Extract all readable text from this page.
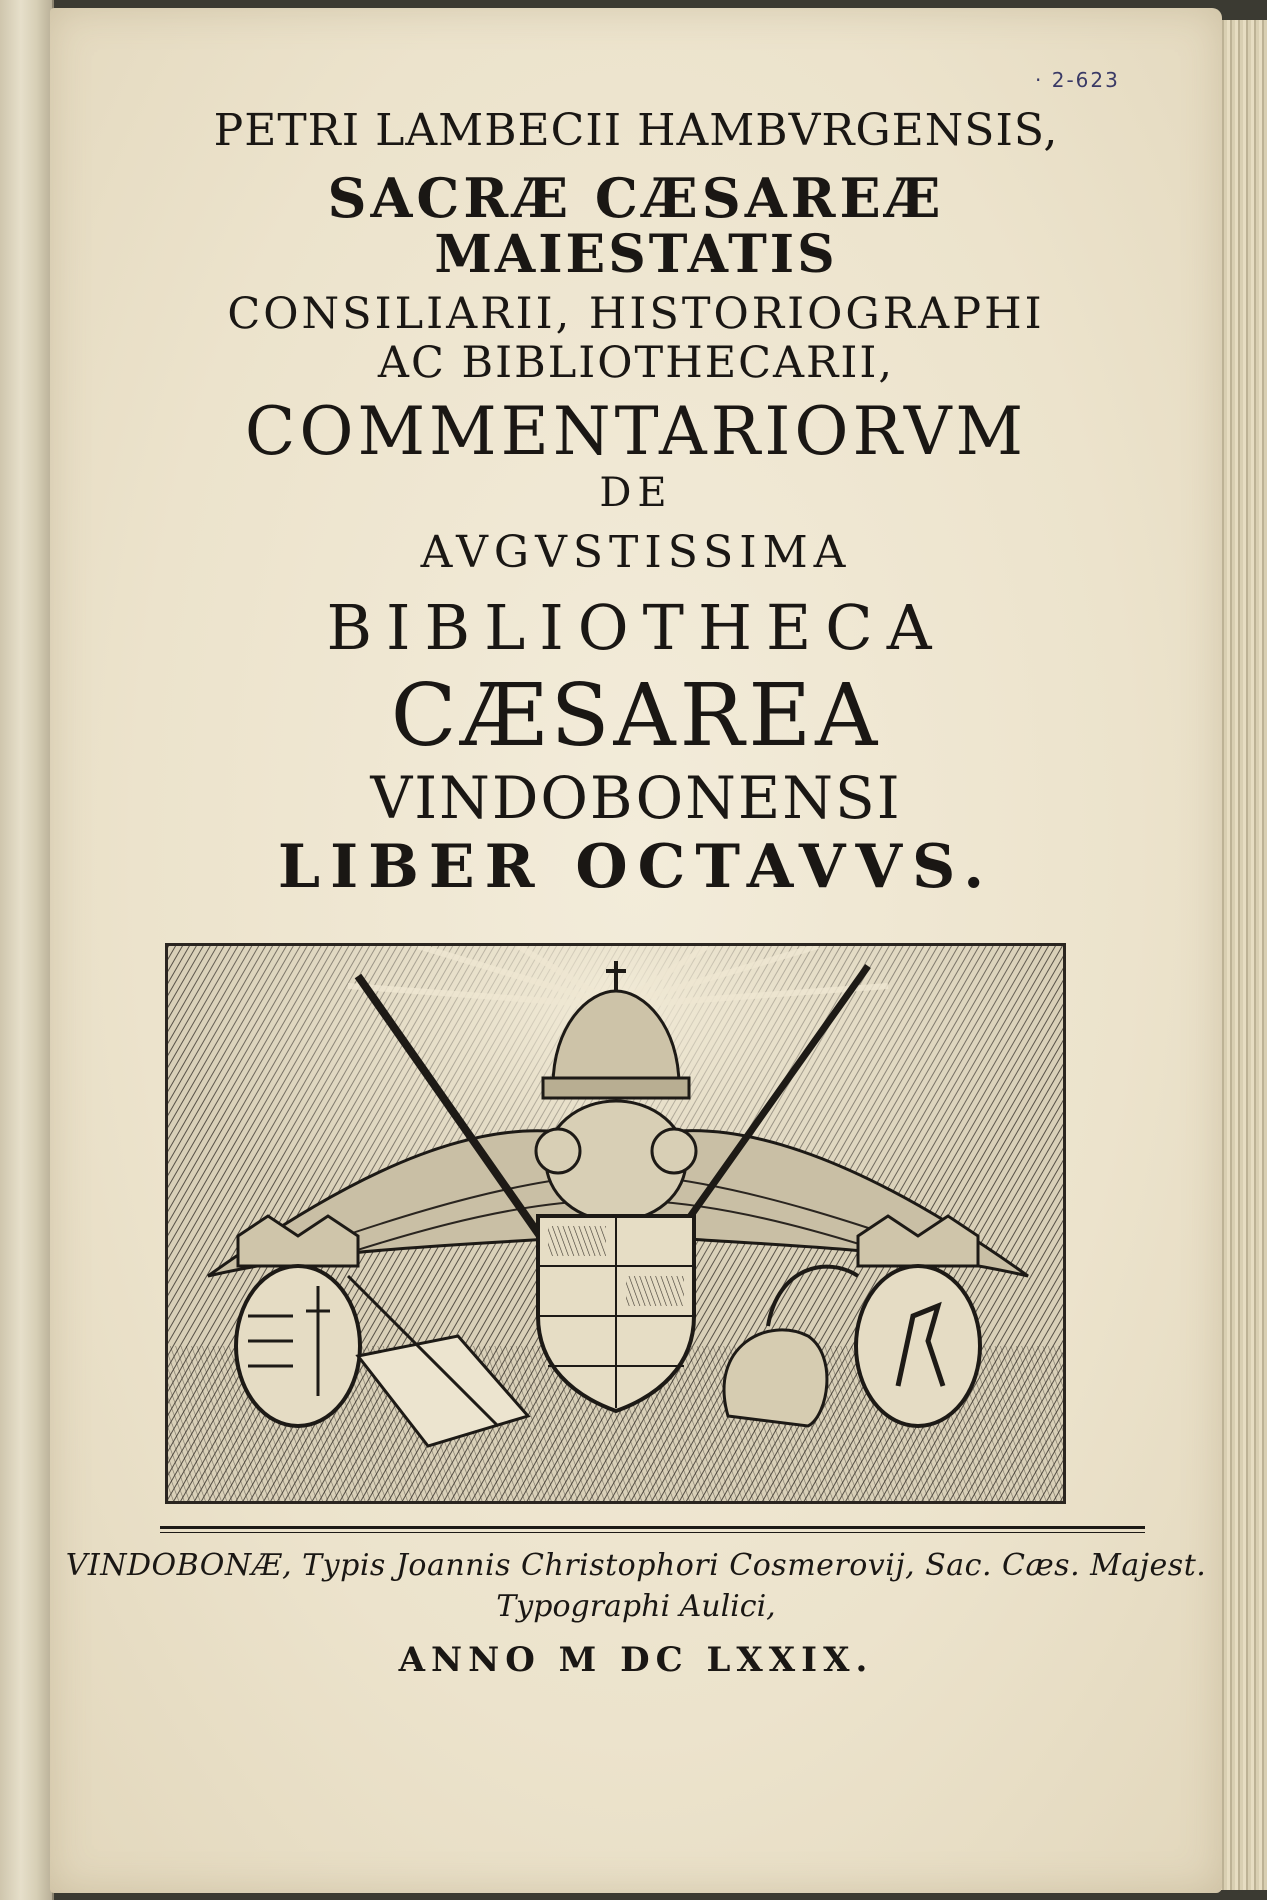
· 2-623
PETRI LAMBECII HAMBVRGENSIS,
SACRÆ CÆSAREÆ
MAIESTATIS
CONSILIARII, HISTORIOGRAPHI
AC BIBLIOTHECARII,
COMMENTARIORVM
DE
AVGVSTISSIMA
BIBLIOTHECA
CÆSAREA
VINDOBONENSI
LIBER OCTAVVS.
VINDOBONÆ, Typis Joannis Christophori Cosmerovij, Sac. Cæs. Majest.
Typographi Aulici,
ANNO M DC LXXIX.
